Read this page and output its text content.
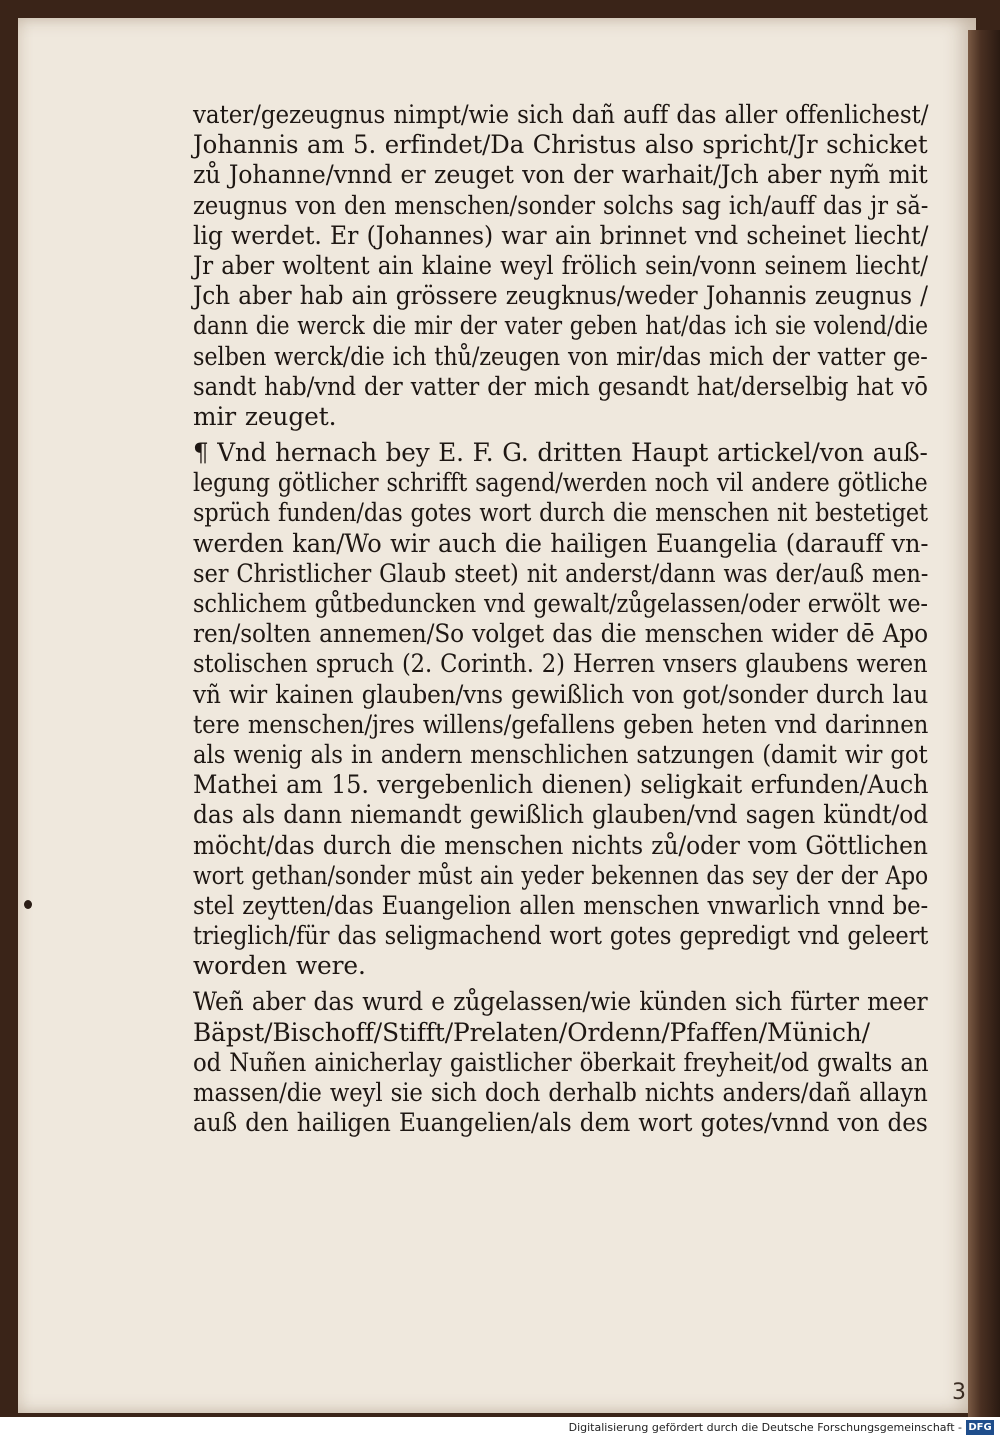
vater/gezeugnus nimpt/wie sich dañ auff das aller offenlichest/
Johannis am 5. erfindet/Da Christus also spricht/Jr schicket
zů Johanne/vnnd er zeuget von der warhait/Jch aber nym̃ mit
zeugnus von den menschen/sonder solchs sag ich/auff das jr să-
lig werdet. Er (Johannes) war ain brinnet vnd scheinet liecht/
Jr aber woltent ain klaine weyl frölich sein/vonn seinem liecht/
Jch aber hab ain grössere zeugknus/weder Johannis zeugnus /
dann die werck die mir der vater geben hat/das ich sie volend/die
selben werck/die ich thů/zeugen von mir/das mich der vatter ge-
sandt hab/vnd der vatter der mich gesandt hat/derselbig hat vō
mir zeuget.
¶ Vnd hernach bey E. F. G. dritten Haupt artickel/von auß-
legung götlicher schrifft sagend/werden noch vil andere götliche
sprüch funden/das gotes wort durch die menschen nit bestetiget
werden kan/Wo wir auch die hailigen Euangelia (darauff vn-
ser Christlicher Glaub steet) nit anderst/dann was der/auß men-
schlichem gůtbeduncken vnd gewalt/zůgelassen/oder erwölt we-
ren/solten annemen/So volget das die menschen wider dē Apo
stolischen spruch (2. Corinth. 2) Herren vnsers glaubens weren
vñ wir kainen glauben/vns gewißlich von got/sonder durch lau
tere menschen/jres willens/gefallens geben heten vnd darinnen
als wenig als in andern menschlichen satzungen (damit wir got
Mathei am 15. vergebenlich dienen) seligkait erfunden/Auch
das als dann niemandt gewißlich glauben/vnd sagen kündt/od
möcht/das durch die menschen nichts zů/oder vom Göttlichen
wort gethan/sonder můst ain yeder bekennen das sey der der Apo
stel zeytten/das Euangelion allen menschen vnwarlich vnnd be-
trieglich/für das seligmachend wort gotes gepredigt vnd geleert
worden were.
Weñ aber das wurd e zůgelassen/wie künden sich fürter meer
Bäpst/Bischoff/Stifft/Prelaten/Ordenn/Pfaffen/Münich/
od Nuñen ainicherlay gaistlicher öberkait freyheit/od gwalts an
massen/die weyl sie sich doch derhalb nichts anders/dañ allayn
auß den hailigen Euangelien/als dem wort gotes/vnnd von des
3
Digitalisierung gefördert durch die Deutsche Forschungsgemeinschaft - DFG
